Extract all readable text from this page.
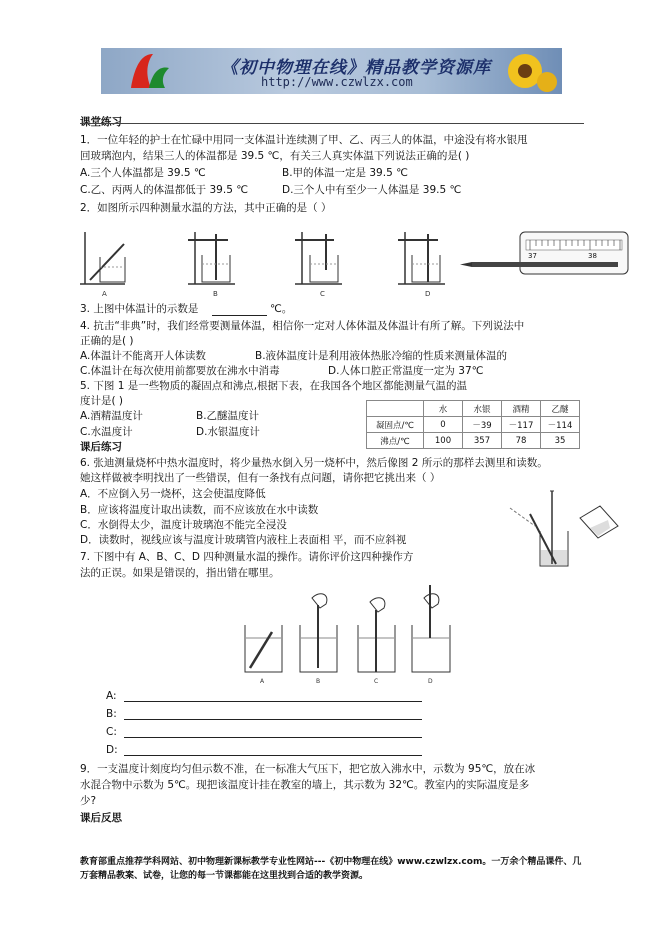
《初中物理在线》精品教学资源库
http://www.czwlzx.com
课堂练习
1．一位年轻的护士在忙碌中用同一支体温计连续测了甲、乙、丙三人的体温，中途没有将水银甩
回玻璃泡内，结果三人的体温都是 39.5 ℃，有关三人真实体温下列说法正确的是( )
A.三个人体温都是 39.5 ℃	B.甲的体温一定是 39.5 ℃
C.乙、丙两人的体温都低于 39.5 ℃	D.三个人中有至少一人体温是 39.5 ℃
2．如图所示四种测量水温的方法，其中正确的是（ ）
A	B	C	D
37	38
3. 上图中体温计的示数是	℃。
4. 抗击“非典”时，我们经常要测量体温，相信你一定对人体体温及体温计有所了解。下列说法中
正确的是( )
A.体温计不能离开人体读数	B.液体温度计是利用液体热胀冷缩的性质来测量体温的
C.体温计在每次使用前都要放在沸水中消毒	D.人体口腔正常温度一定为 37℃
5. 下图 1 是一些物质的凝固点和沸点,根据下表，在我国各个地区都能测量气温的温
度计是( )
A.酒精温度计	B.乙醚温度计
C.水温度计	D.水银温度计
	水	水银	酒精	乙醚
凝固点/℃	0	－39	－117	－114
沸点/℃	100	357	78	35
课后练习
6. 张迪测量烧杯中热水温度时，将少量热水倒入另一烧杯中，然后像图 2 所示的那样去测里和读数。
她这样做被李明找出了一些错误，但有一条找有点问题，请你把它挑出来（ ）
A．不应倒入另一烧杯，这会使温度降低
B．应该将温度计取出读数，而不应该放在水中读数
C．水倒得太少，温度计玻璃泡不能完全浸没
D．读数时，视线应该与温度计玻璃管内液柱上表面相 平，而不应斜视
7. 下图中有 A、B、C、D 四种测量水温的操作。请你评价这四种操作方
法的正误。如果是错误的，指出错在哪里。
A	B	C	D
A:
B:
C:
D:
9．一支温度计刻度均匀但示数不准，在一标准大气压下，把它放入沸水中，示数为 95℃，放在冰
水混合物中示数为 5℃。现把该温度计挂在教室的墙上，其示数为 32℃。教室内的实际温度是多
少?
课后反思
教育部重点推荐学科网站、初中物理新课标教学专业性网站---《初中物理在线》www.czwlzx.com。一万余个精品课件、几万套精品教案、试卷，让您的每一节课都能在这里找到合适的教学资源。
